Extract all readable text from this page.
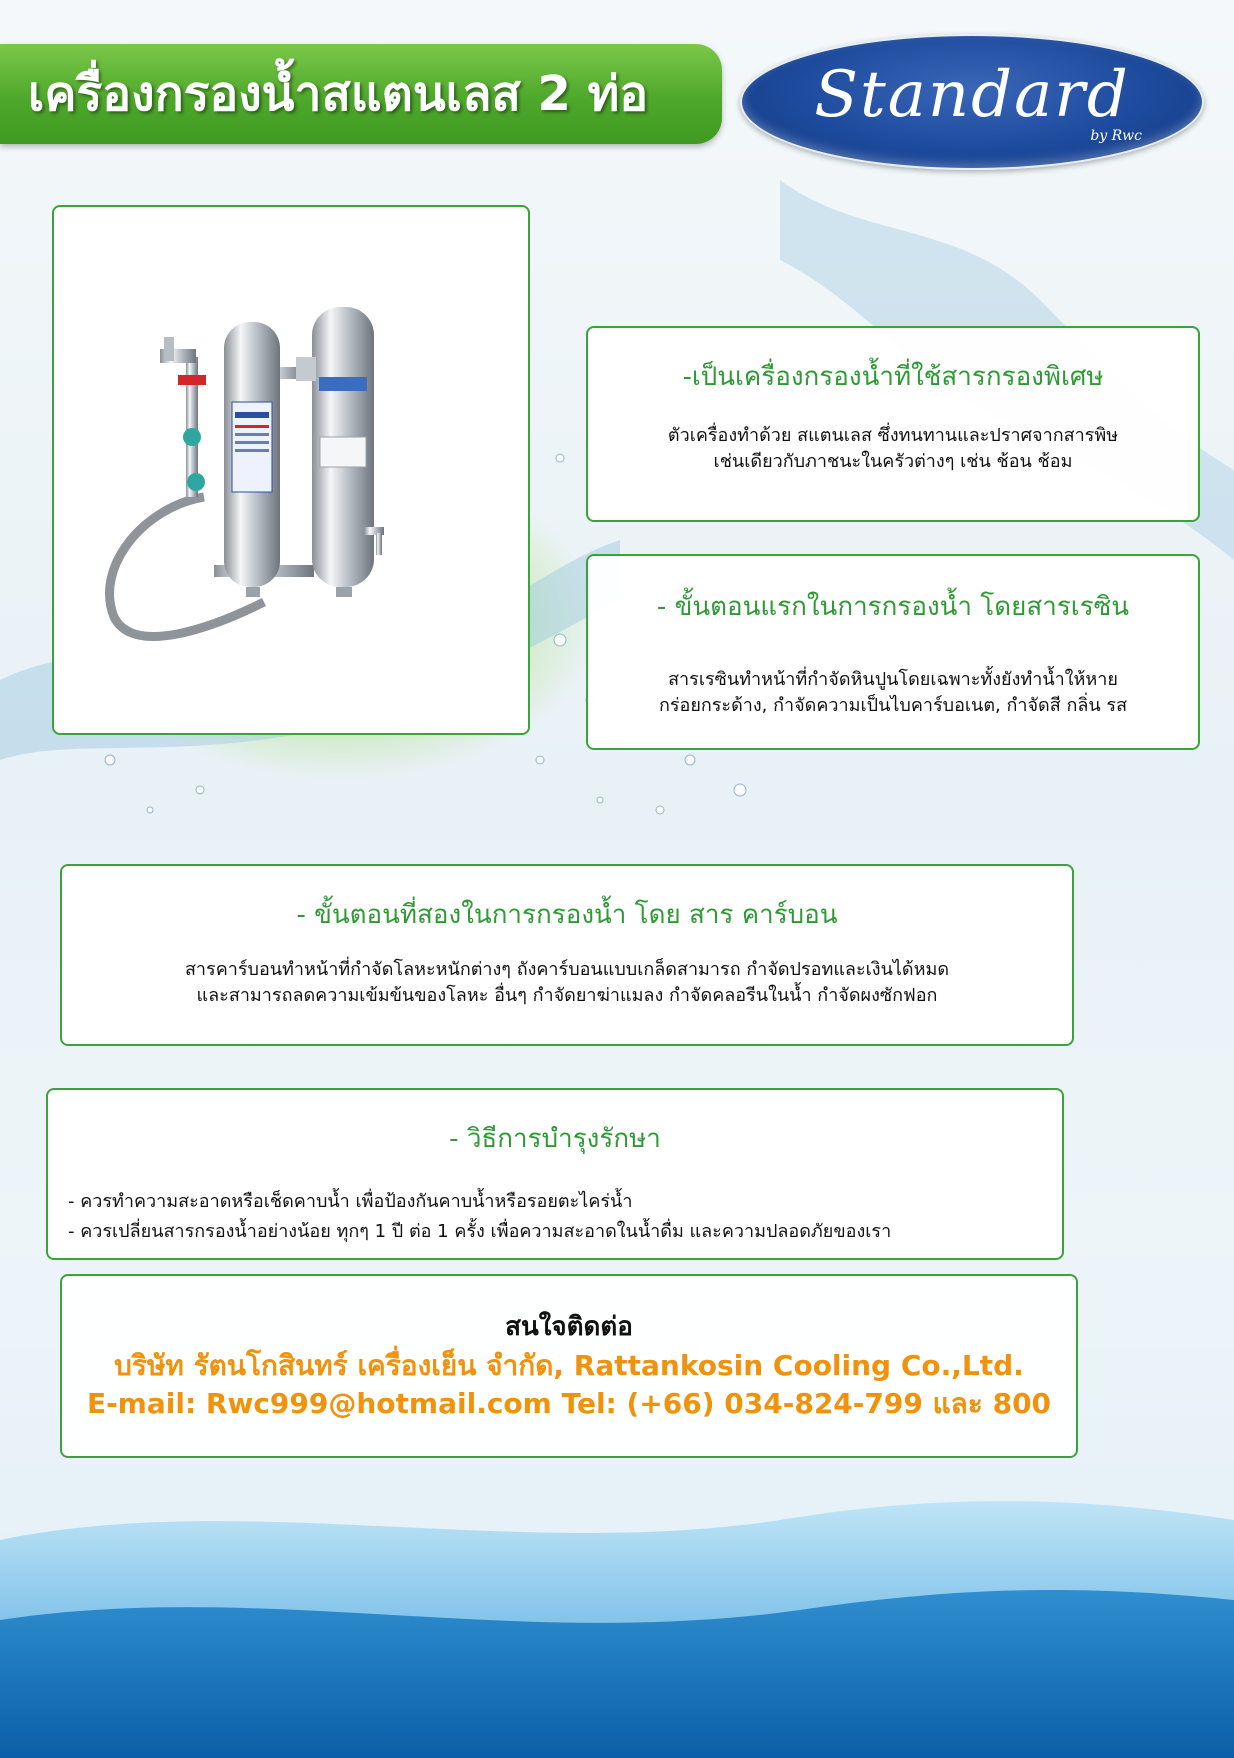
เครื่องกรองน้ำสแตนเลส 2 ท่อ	Standard
by Rwc
-เป็นเครื่องกรองน้ำที่ใช้สารกรองพิเศษ

ตัวเครื่องทำด้วย สแตนเลส ซึ่งทนทานและปราศจากสารพิษ

เช่นเดียวกับภาชนะในครัวต่างๆ เช่น ช้อน ช้อม

- ขั้นตอนแรกในการกรองน้ำ โดยสารเรซิน

สารเรซินทำหน้าที่กำจัดหินปูนโดยเฉพาะทั้งยังทำน้ำให้หาย

กร่อยกระด้าง, กำจัดความเป็นไบคาร์บอเนต, กำจัดสี กลิ่น รส

- ขั้นตอนที่สองในการกรองน้ำ โดย สาร คาร์บอน

สารคาร์บอนทำหน้าที่กำจัดโลหะหนักต่างๆ ถังคาร์บอนแบบเกล็ดสามารถ กำจัดปรอทและเงินได้หมด

และสามารถลดความเข้มข้นของโลหะ อื่นๆ กำจัดยาฆ่าแมลง กำจัดคลอรีนในน้ำ กำจัดผงซักฟอก

- วิธีการบำรุงรักษา
- ควรทำความสะอาดหรือเช็ดคาบน้ำ เพื่อป้องกันคาบน้ำหรือรอยตะไคร่น้ำ
- ควรเปลี่ยนสารกรองน้ำอย่างน้อย ทุกๆ 1 ปี ต่อ 1 ครั้ง เพื่อความสะอาดในน้ำดื่ม และความปลอดภัยของเรา
สนใจติดต่อ
บริษัท รัตนโกสินทร์ เครื่องเย็น จำกัด, Rattankosin Cooling Co.,Ltd.
E-mail: Rwc999@hotmail.com Tel: (+66) 034-824-799 และ 800
